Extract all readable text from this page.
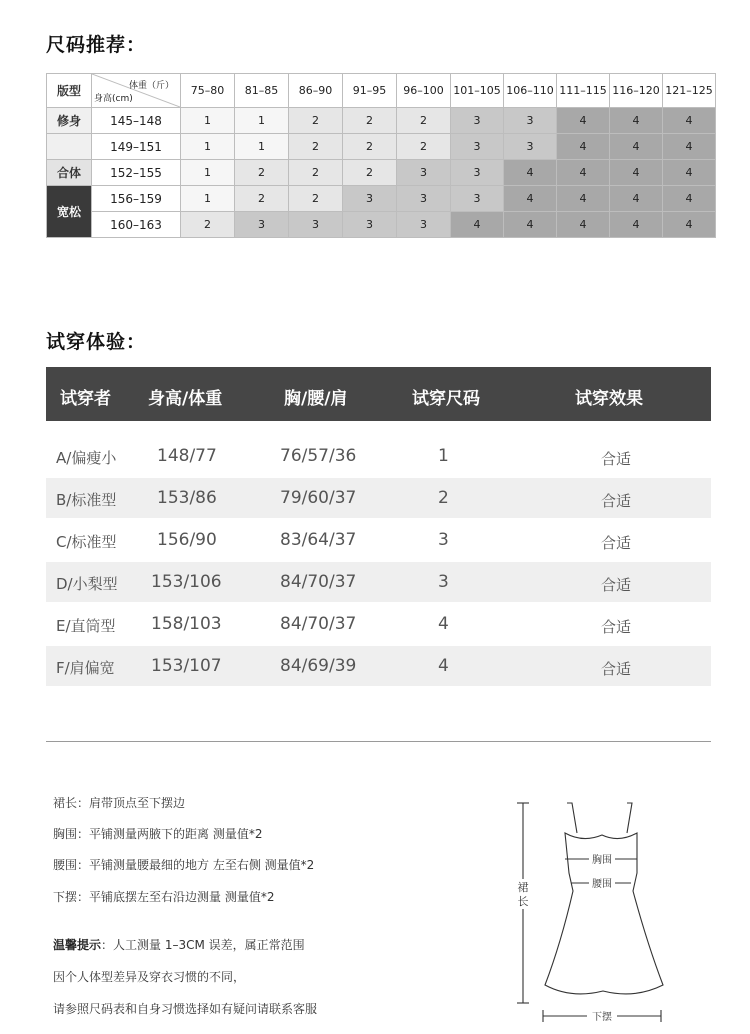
尺码推荐：
版型	体重（斤）
身高(cm)	75–80	81–85	86–90	91–95	96–100	101–105	106–110	111–115	116–120	121–125
修身	145–148	1	1	2	2	2	3	3	4	4	4
	149–151	1	1	2	2	2	3	3	4	4	4
合体	152–155	1	2	2	2	3	3	4	4	4	4
宽松	156–159	1	2	2	3	3	3	4	4	4	4
	160–163	2	3	3	3	3	4	4	4	4	4
试穿体验：
试穿者 身高/体重	胸/腰/肩	试穿尺码	试穿效果
A/偏瘦小 148/77	76/57/36	1	合适
B/标准型 153/86	79/60/37	2	合适
C/标准型 156/90	83/64/37	3	合适
D/小梨型 153/106	84/70/37	3	合适
E/直筒型 158/103	84/70/37	4	合适
F/肩偏宽 153/107	84/69/39	4	合适
裙长：肩带顶点至下摆边
胸围：平铺测量两腋下的距离 测量值*2
腰围：平铺测量腰最细的地方 左至右侧 测量值*2
下摆：平铺底摆左至右沿边测量 测量值*2
温馨提示：人工测量 1–3CM 误差，属正常范围
因个人体型差异及穿衣习惯的不同，
请参照尺码表和自身习惯选择如有疑问请联系客服
裙
长
胸围
腰围
下摆
